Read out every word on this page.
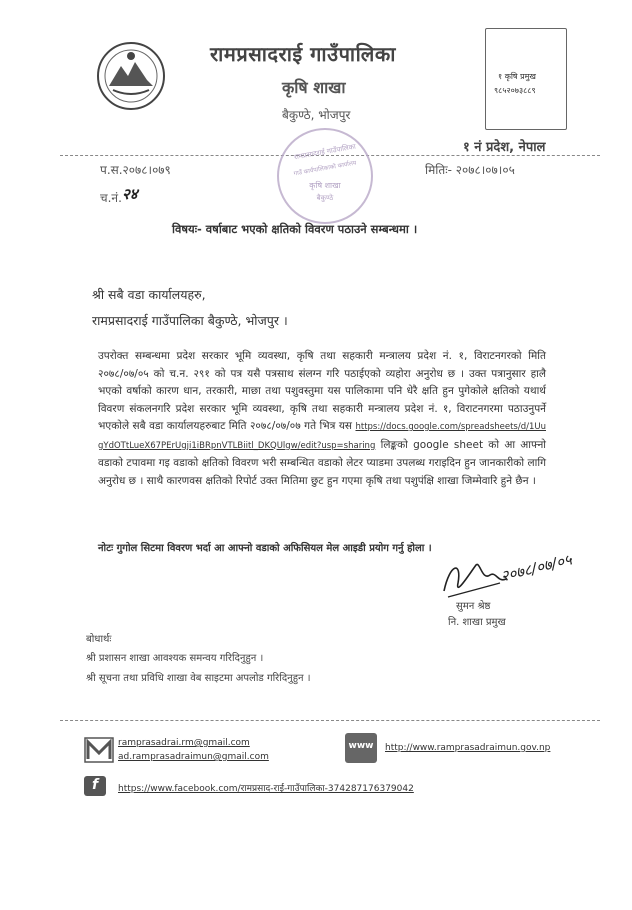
रामप्रसादराई गाउँपालिका
कृषि शाखा
बैकुण्ठे, भोजपुर
१ कृषि प्रमुख
९८५२०७३८८९
१ नं प्रदेश, नेपाल
प.स.२०७८।०७९
च.नं. २४
मितिः- २०७८।०७।०५
रामप्रसादराई गाउँपालिका
गाउँ कार्यपालिकाको कार्यालय
कृषि शाखा
बैकुण्ठे
विषयः- वर्षाबाट भएको क्षतिको विवरण पठाउने सम्बन्धमा ।
श्री सबै वडा कार्यालयहरु,
रामप्रसादराई गाउँपालिका बैकुण्ठे, भोजपुर ।
उपरोक्त सम्बन्धमा प्रदेश सरकार भूमि व्यवस्था, कृषि तथा सहकारी मन्त्रालय प्रदेश नं. १, विराटनगरको मिति २०७८/०७/०५ को च.न. २९१ को पत्र यसै पत्रसाथ संलग्न गरि पठाईएको व्यहोरा अनुरोध छ । उक्त पत्रानुसार हालै भएको वर्षाको कारण धान, तरकारी, माछा तथा पशुवस्तुमा यस पालिकामा पनि धेरै क्षति हुन पुगेकोले क्षतिको यथार्थ विवरण संकलनगरि प्रदेश सरकार भूमि व्यवस्था, कृषि तथा सहकारी मन्त्रालय प्रदेश नं. १, विराटनगरमा पठाउनुपर्ने भएकोले सबै वडा कार्यालयहरुबाट मिति २०७८/०७/०७ गते भित्र यस https://docs.google.com/spreadsheets/d/1UugYdOTtLueX67PErUgji1iBRpnVTLBiitl_DKQUlgw/edit?usp=sharing लिङ्कको google sheet को आ आफ्नो वडाको टपावमा गइ वडाको क्षतिको विवरण भरी सम्बन्धित वडाको लेटर प्याडमा उपलब्ध गराइदिन हुन जानकारीको लागि अनुरोध छ । साथै कारणवस क्षतिको रिपोर्ट उक्त मितिमा छुट हुन गएमा कृषि तथा पशुपंक्षि शाखा जिम्मेवारि हुने छैन ।
नोटः गुगोल सिटमा विवरण भर्दा आ आफ्नो वडाको अफिसियल मेल आइडी प्रयोग गर्नु होला ।
२०७८/०७/०५
सुमन श्रेष्ठ
नि. शाखा प्रमुख
बोधार्थः
श्री प्रशासन शाखा आवश्यक समन्वय गरिदिनुहुन ।
श्री सूचना तथा प्रविधि शाखा वेब साइटमा अपलोड गरिदिनुहुन ।
ramprasadrai.rm@gmail.com
ad.ramprasadraimun@gmail.com
www	http://www.ramprasadraimun.gov.np
f	https://www.facebook.com/रामप्रसाद-राई-गाउँपालिका-374287176379042
